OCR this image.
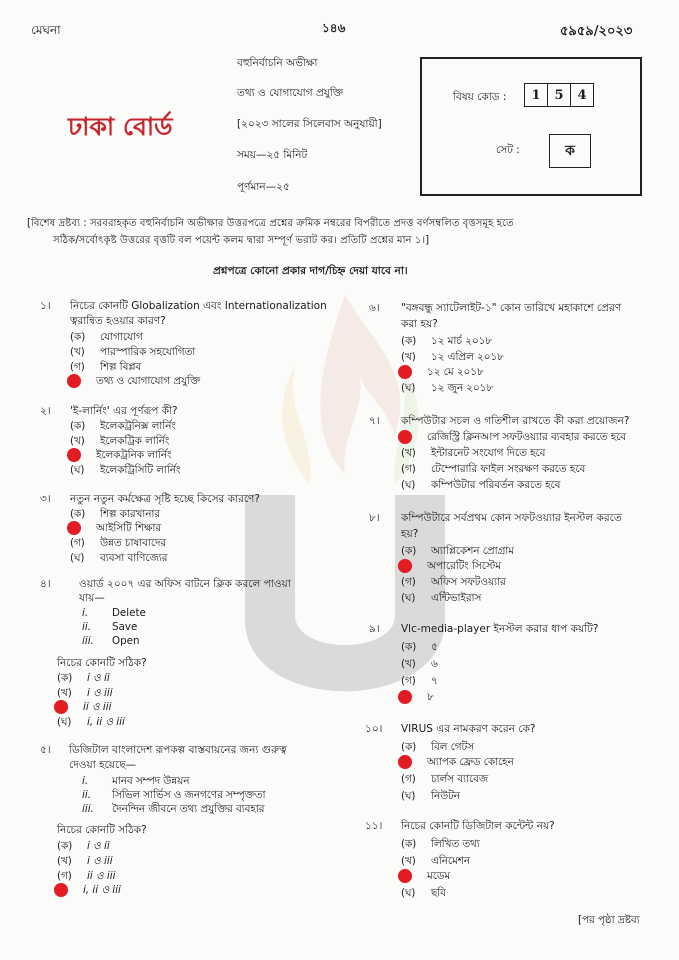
মেঘনা	১৪৬	৫৯৫৯/২০২৩
ঢাকা বোর্ড
বহুনির্বাচনি অভীক্ষা
তথ্য ও যোগাযোগ প্রযুক্তি
[২০২৩ সালের সিলেবাস অনুযায়ী]
সময়—২৫ মিনিট
পূর্ণমান—২৫
বিষয় কোড :	1	5	4
সেট :	ক
[বিশেষ দ্রষ্টব্য : সরবরাহকৃত বহুনির্বাচনি অভীক্ষার উত্তরপত্রে প্রশ্নের ক্রমিক নম্বরের বিপরীতে প্রদত্ত বর্ণসম্বলিত বৃত্তসমূহ হতে
সঠিক/সর্বোৎকৃষ্ট উত্তরের বৃত্তটি বল পয়েন্ট কলম দ্বারা সম্পূর্ণ ভরাট কর। প্রতিটি প্রশ্নের মান ১।]
প্রশ্নপত্রে কোনো প্রকার দাগ/চিহ্ন দেয়া যাবে না।
১। নিচের কোনটি Globalization এবং Internationalization
ত্বরান্বিত হওয়ার কারণ?
(ক) যোগাযোগ
(খ) পারস্পারিক সহযোগিতা
(গ) শিল্প বিপ্লব
তথ্য ও যোগাযোগ প্রযুক্তি
২। 'ই-লার্নিং' এর পূর্ণরূপ কী?
(ক) ইলেকট্রনিক্স লার্নিং
(খ) ইলেকট্রিক লার্নিং
ইলেকট্রনিক লার্নিং
(ঘ) ইলেকট্রিসিটি লার্নিং
৩। নতুন নতুন কর্মক্ষেত্র সৃষ্টি হচ্ছে কিসের কারণে?
(ক) শিল্প কারখানার
আইসিটি শিক্ষার
(গ) উন্নত চাষাবাদের
(ঘ) ব্যবসা বাণিজ্যের
৪।	ওয়ার্ড ২০০৭ এর অফিস বাটনে ক্লিক করলে পাওয়া
যায়—
i. Delete
ii. Save
iii. Open
নিচের কোনটি সঠিক?
(ক) i ও ii
(খ) i ও iii
ii ও iii
(ঘ) i, ii ও iii
৫। ডিজিটাল বাংলাদেশ রূপকল্প বাস্তবায়নের জন্য গুরুত্ব
দেওয়া হয়েছে—
i. মানব সম্পদ উন্নয়ন
ii. সিভিল সার্ভিস ও জনগণের সম্পৃক্ততা
iii. দৈনন্দিন জীবনে তথ্য প্রযুক্তির ব্যবহার
নিচের কোনটি সঠিক?
(ক) i ও ii
(খ) i ও iii
(গ) ii ও iii
i, ii ও iii
৬। "বঙ্গবন্ধু স্যাটেলাইট-১" কোন তারিখে মহাকাশে প্রেরণ
করা হয়?
(ক) ১২ মার্চ ২০১৮
(খ) ১২ এপ্রিল ২০১৮
১২ মে ২০১৮
(ঘ) ১২ জুন ২০১৮
৭। কম্পিউটার সচল ও গতিশীল রাখতে কী করা প্রয়োজন?
রেজিস্ট্রি ক্লিনআপ সফটওয়্যার ব্যবহার করতে হবে
(খ) ইন্টারনেট সংযোগ দিতে হবে
(গ) টেম্পোরারি ফাইল সংরক্ষণ করতে হবে
(ঘ) কম্পিউটার পরিবর্তন করতে হবে
৮। কম্পিউটারে সর্বপ্রথম কোন সফটওয়্যার ইনস্টল করতে
হয়?
(ক) অ্যাপ্লিকেশন প্রোগ্রাম
অপারেটিং সিস্টেম
(গ) অফিস সফটওয়্যার
(ঘ) এন্টিভাইরাস
৯। Vlc-media-player ইনস্টল করার ধাপ কয়টি?
(ক) ৫
(খ) ৬
(গ) ৭
৮
১০। VIRUS এর নামকরণ করেন কে?
(ক) বিল গেটস
অ্যাপক ফ্রেড কোহেন
(গ) চার্লস ব্যাবেজ
(ঘ) নিউটন
১১। নিচের কোনটি ডিজিটাল কন্টেন্ট নয়?
(ক) লিখিত তথ্য
(খ) এনিমেশন
মডেম
(ঘ) ছবি
[পর পৃষ্ঠা দ্রষ্টব্য
